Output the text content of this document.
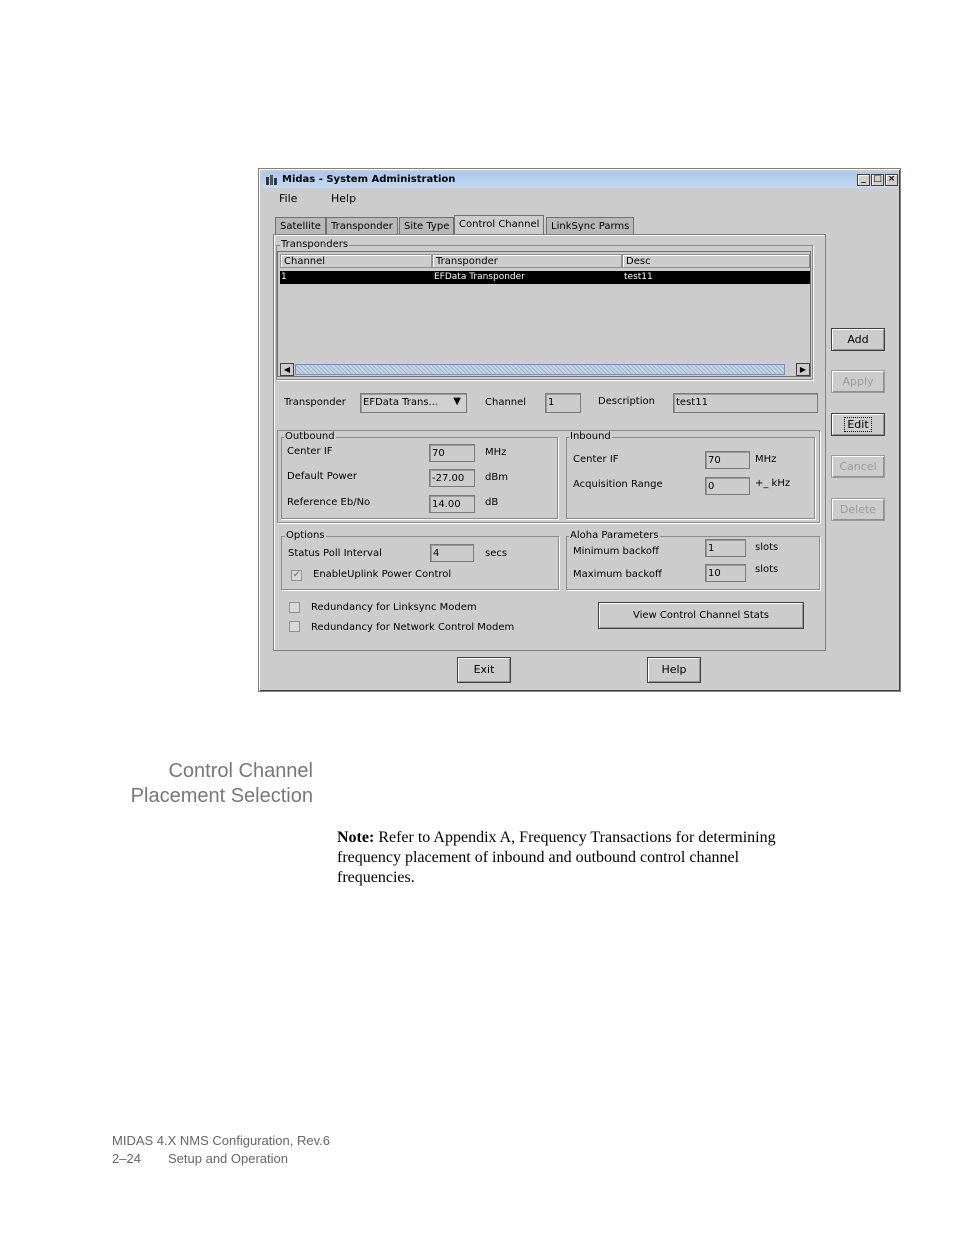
Midas - System Administration	_ □ ×
File	Help
Satellite	Transponder	Site Type Control Channel	LinkSync Parms
Transponders
Channel	Transponder	Desc
1	EFData Transponder	test11
◀	▶
Transponder	EFData Trans... ▼ Channel	1	Description	test11
Outbound
Center IF	70	MHz
Default Power	-27.00	dBm
Reference Eb/No	14.00	dB
Inbound
Center IF	70	MHz
Acquisition Range	0	+_ kHz
Options
Status Poll Interval	4	secs
✔ EnableUplink Power Control
Aloha Parameters
Minimum backoff	1	slots
Maximum backoff	10	slots
Redundancy for Linksync Modem
Redundancy for Network Control Modem
View Control Channel Stats
Add
Apply
Edit
Cancel
Delete
Exit	Help
Control Channel
Placement Selection
Note: Refer to Appendix A, Frequency Transactions for determining frequency placement of inbound and outbound control channel frequencies.
MIDAS 4.X NMS Configuration, Rev.6
2–24 Setup and Operation
